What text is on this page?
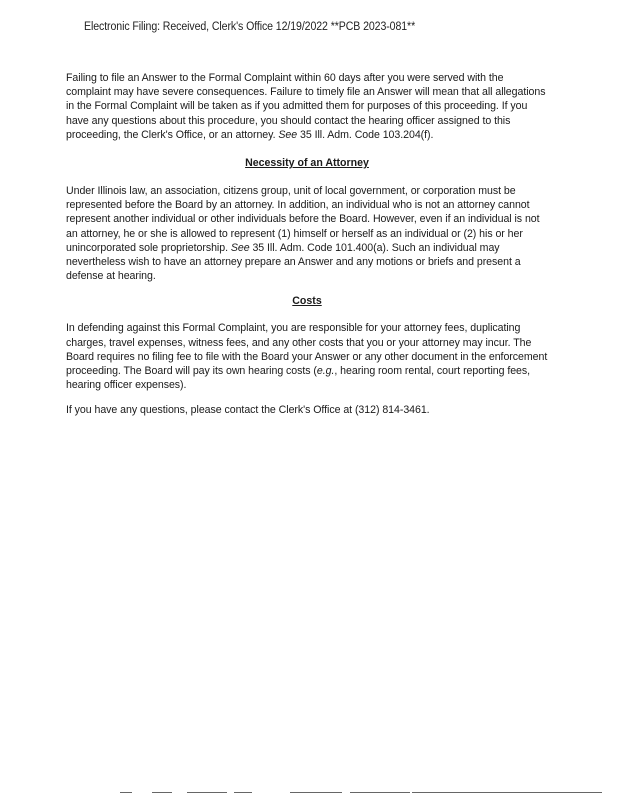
Electronic Filing: Received, Clerk's Office 12/19/2022 **PCB 2023-081**

Failing to file an Answer to the Formal Complaint within 60 days after you were served with the complaint may have severe consequences. Failure to timely file an Answer will mean that all allegations in the Formal Complaint will be taken as if you admitted them for purposes of this proceeding. If you have any questions about this procedure, you should contact the hearing officer assigned to this proceeding, the Clerk's Office, or an attorney. See 35 Ill. Adm. Code 103.204(f).

Necessity of an Attorney

Under Illinois law, an association, citizens group, unit of local government, or corporation must be represented before the Board by an attorney. In addition, an individual who is not an attorney cannot represent another individual or other individuals before the Board. However, even if an individual is not an attorney, he or she is allowed to represent (1) himself or herself as an individual or (2) his or her unincorporated sole proprietorship. See 35 Ill. Adm. Code 101.400(a). Such an individual may nevertheless wish to have an attorney prepare an Answer and any motions or briefs and present a defense at hearing.

Costs

In defending against this Formal Complaint, you are responsible for your attorney fees, duplicating charges, travel expenses, witness fees, and any other costs that you or your attorney may incur. The Board requires no filing fee to file with the Board your Answer or any other document in the enforcement proceeding. The Board will pay its own hearing costs (e.g., hearing room rental, court reporting fees, hearing officer expenses).

If you have any questions, please contact the Clerk's Office at (312) 814-3461.
